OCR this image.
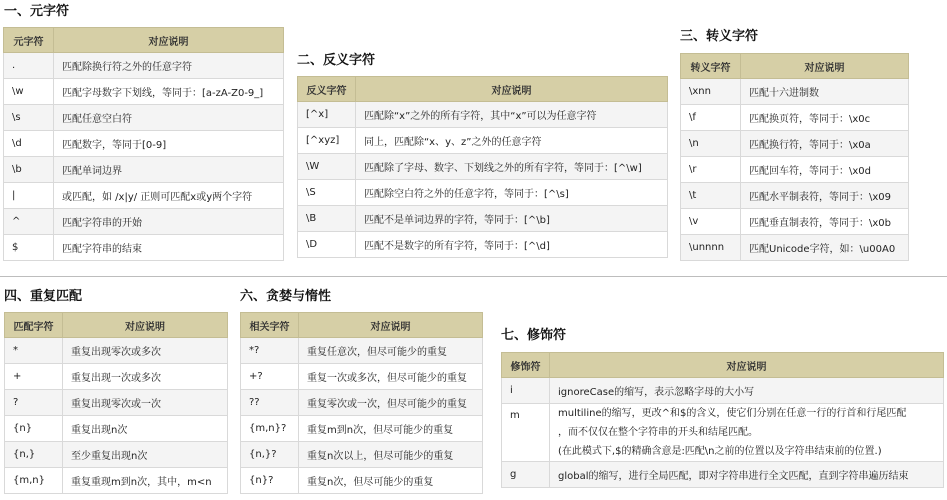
一、元字符
元字符	对应说明
.	匹配除换行符之外的任意字符
\w	匹配字母数字下划线，等同于：[a-zA-Z0-9_]
\s	匹配任意空白符
\d	匹配数字，等同于[0-9]
\b	匹配单词边界
|	或匹配，如 /x|y/ 正则可匹配x或y两个字符
^	匹配字符串的开始
$	匹配字符串的结束
二、反义字符
反义字符	对应说明
[^x]	匹配除“x”之外的所有字符，其中“x”可以为任意字符
[^xyz]	同上，匹配除“x、y、z”之外的任意字符
\W	匹配除了字母、数字、下划线之外的所有字符，等同于：[^\w]
\S	匹配除空白符之外的任意字符，等同于：[^\s]
\B	匹配不是单词边界的字符，等同于：[^\b]
\D	匹配不是数字的所有字符，等同于：[^\d]
三、转义字符
转义字符	对应说明
\xnn	匹配十六进制数
\f	匹配换页符，等同于：\x0c
\n	匹配换行符，等同于：\x0a
\r	匹配回车符，等同于：\x0d
\t	匹配水平制表符，等同于：\x09
\v	匹配垂直制表符，等同于：\x0b
\unnnn	匹配Unicode字符，如：\u00A0
四、重复匹配
匹配字符	对应说明
*	重复出现零次或多次
+	重复出现一次或多次
?	重复出现零次或一次
{n}	重复出现n次
{n,}	至少重复出现n次
{m,n}	重复重现m到n次，其中，m<n
六、贪婪与惰性
相关字符	对应说明
*?	重复任意次，但尽可能少的重复
+?	重复一次或多次，但尽可能少的重复
??	重复零次或一次，但尽可能少的重复
{m,n}?	重复m到n次，但尽可能少的重复
{n,}?	重复n次以上，但尽可能少的重复
{n}?	重复n次，但尽可能少的重复
七、修饰符
修饰符	对应说明
i	ignoreCase的缩写，表示忽略字母的大小写
m	multiline的缩写，更改^和$的含义，使它们分别在任意一行的行首和行尾匹配
，而不仅仅在整个字符串的开头和结尾匹配。
(在此模式下,$的精确含意是:匹配\n之前的位置以及字符串结束前的位置.)

g	global的缩写，进行全局匹配，即对字符串进行全文匹配，直到字符串遍历结束
